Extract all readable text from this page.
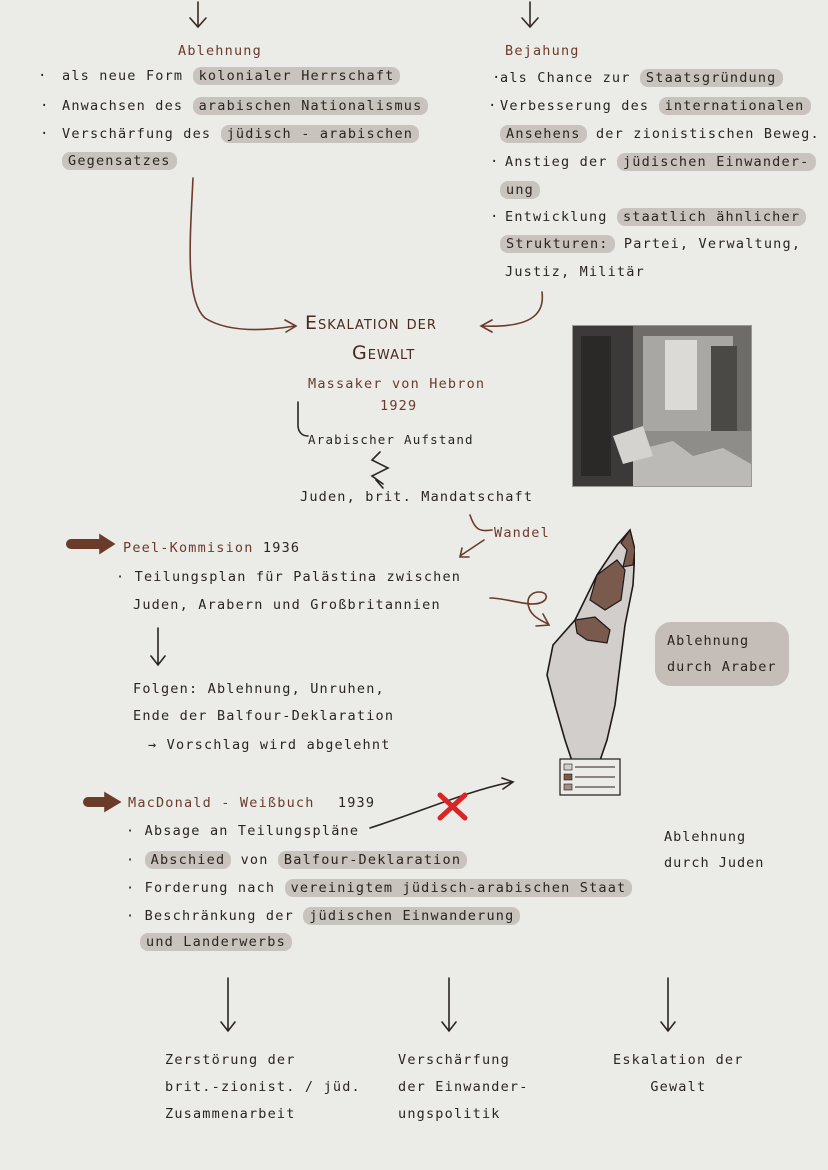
Ablehnung
· als neue Form kolonialer Herrschaft
· Anwachsen des arabischen Nationalismus
· Verschärfung des jüdisch - arabischen
Gegensatzes
Bejahung
· als Chance zur Staatsgründung
· Verbesserung des internationalen
Ansehens der zionistischen Beweg.
· Anstieg der jüdischen Einwander-
ung
· Entwicklung staatlich ähnlicher
Strukturen: Partei, Verwaltung,
Justiz, Militär
Eskalation der
Gewalt
Massaker von Hebron
1929
Arabischer Aufstand
Juden, brit. Mandatschaft
Wandel
Peel-Kommision 1936
· Teilungsplan für Palästina zwischen
Juden, Arabern und Großbritannien
Folgen: Ablehnung, Unruhen,
Ende der Balfour-Deklaration
→ Vorschlag wird abgelehnt
Ablehnung
durch Araber
MacDonald - Weißbuch 1939
· Absage an Teilungspläne
· Abschied von Balfour-Deklaration
· Forderung nach vereinigtem jüdisch-arabischen Staat
· Beschränkung der jüdischen Einwanderung
und Landerwerbs
Ablehnung
durch Juden
Zerstörung der
brit.-zionist. / jüd.
Zusammenarbeit
Verschärfung
der Einwander-
ungspolitik
Eskalation der
Gewalt
